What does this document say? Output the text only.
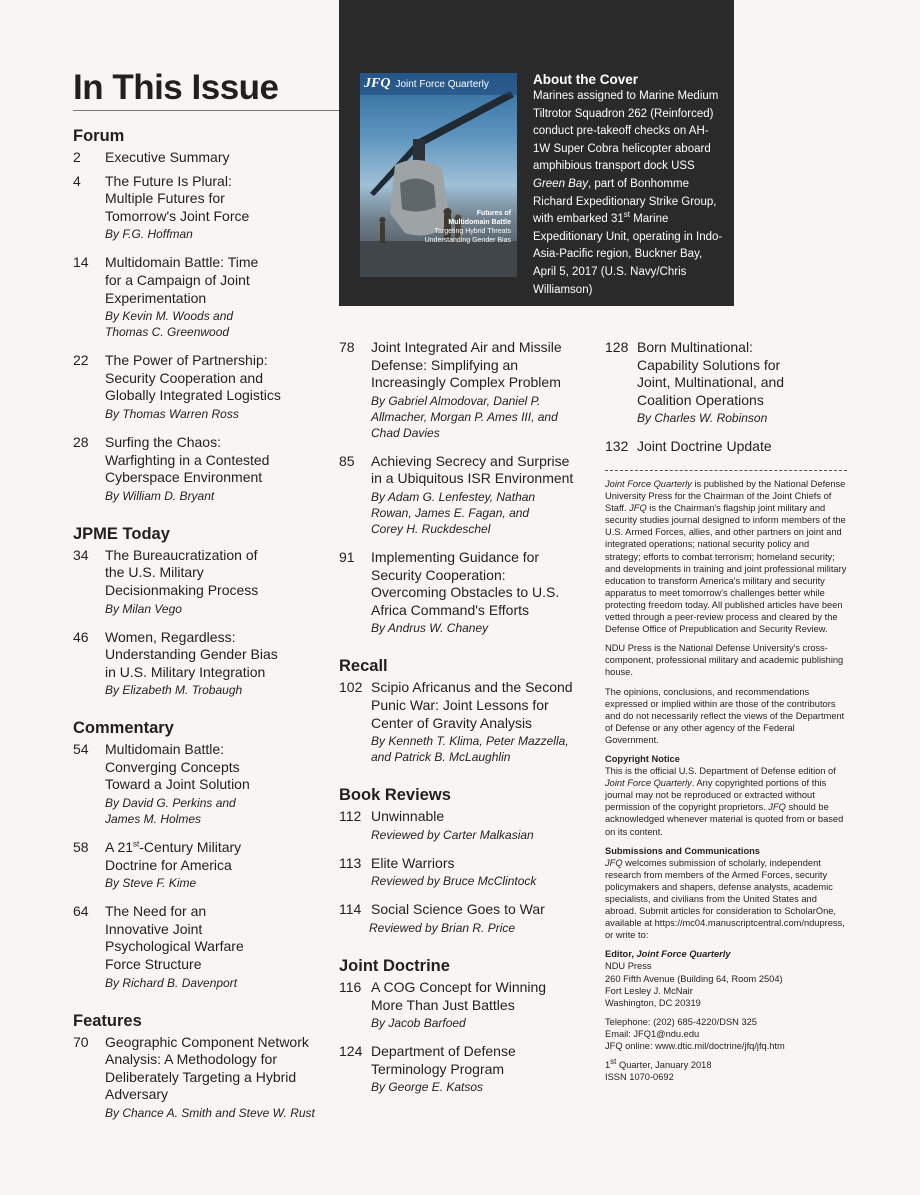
In This Issue	JFQ Joint Force Quarterly
Futures of
Multidomain Battle
Targeting Hybrid Threats
Understanding Gender Bias
About the Cover
Marines assigned to Marine Medium Tiltrotor Squadron 262 (Reinforced) conduct pre-takeoff checks on AH-1W Super Cobra helicopter aboard amphibious transport dock USS Green Bay, part of Bonhomme Richard Expeditionary Strike Group, with embarked 31st Marine Expeditionary Unit, operating in Indo-Asia-Pacific region, Buckner Bay, April 5, 2017 (U.S. Navy/Chris Williamson)
Forum
2	Executive Summary
4	The Future Is Plural: Multiple Futures for Tomorrow's Joint Force
By F.G. Hoffman
14	Multidomain Battle: Time for a Campaign of Joint Experimentation
By Kevin M. Woods and Thomas C. Greenwood
22	The Power of Partnership: Security Cooperation and Globally Integrated Logistics
By Thomas Warren Ross
28	Surfing the Chaos: Warfighting in a Contested Cyberspace Environment
By William D. Bryant
JPME Today
34	The Bureaucratization of the U.S. Military Decisionmaking Process
By Milan Vego
46	Women, Regardless: Understanding Gender Bias in U.S. Military Integration
By Elizabeth M. Trobaugh
Commentary
54	Multidomain Battle: Converging Concepts Toward a Joint Solution
By David G. Perkins and James M. Holmes
58	A 21st-Century Military Doctrine for America
By Steve F. Kime
64	The Need for an Innovative Joint Psychological Warfare Force Structure
By Richard B. Davenport
Features
70	Geographic Component Network Analysis: A Methodology for Deliberately Targeting a Hybrid Adversary
By Chance A. Smith and Steve W. Rust
78	Joint Integrated Air and Missile Defense: Simplifying an Increasingly Complex Problem
By Gabriel Almodovar, Daniel P. Allmacher, Morgan P. Ames III, and Chad Davies
85	Achieving Secrecy and Surprise in a Ubiquitous ISR Environment
By Adam G. Lenfestey, Nathan Rowan, James E. Fagan, and Corey H. Ruckdeschel
91	Implementing Guidance for Security Cooperation: Overcoming Obstacles to U.S. Africa Command's Efforts
By Andrus W. Chaney
Recall
102 Scipio Africanus and the Second Punic War: Joint Lessons for Center of Gravity Analysis
By Kenneth T. Klima, Peter Mazzella, and Patrick B. McLaughlin
Book Reviews
112 Unwinnable
Reviewed by Carter Malkasian
113 Elite Warriors
Reviewed by Bruce McClintock
114 Social Science Goes to War
Reviewed by Brian R. Price
Joint Doctrine
116 A COG Concept for Winning More Than Just Battles
By Jacob Barfoed
124 Department of Defense Terminology Program
By George E. Katsos
128 Born Multinational: Capability Solutions for Joint, Multinational, and Coalition Operations
By Charles W. Robinson
132 Joint Doctrine Update

Joint Force Quarterly is published by the National Defense University Press for the Chairman of the Joint Chiefs of Staff. JFQ is the Chairman's flagship joint military and security studies journal designed to inform members of the U.S. Armed Forces, allies, and other partners on joint and integrated operations; national security policy and strategy; efforts to combat terrorism; homeland security; and developments in training and joint professional military education to transform America's military and security apparatus to meet tomorrow's challenges better while protecting freedom today. All published articles have been vetted through a peer-review process and cleared by the Defense Office of Prepublication and Security Review.

NDU Press is the National Defense University's cross-component, professional military and academic publishing house.

The opinions, conclusions, and recommendations expressed or implied within are those of the contributors and do not necessarily reflect the views of the Department of Defense or any other agency of the Federal Government.

Copyright Notice

This is the official U.S. Department of Defense edition of Joint Force Quarterly. Any copyrighted portions of this journal may not be reproduced or extracted without permission of the copyright proprietors. JFQ should be acknowledged whenever material is quoted from or based on its content.

Submissions and Communications

JFQ welcomes submission of scholarly, independent research from members of the Armed Forces, security policymakers and shapers, defense analysts, academic specialists, and civilians from the United States and abroad. Submit articles for consideration to ScholarOne, available at https://mc04.manuscriptcentral.com/ndupress, or write to:

Editor, Joint Force Quarterly

NDU Press
260 Fifth Avenue (Building 64, Room 2504)
Fort Lesley J. McNair
Washington, DC 20319

Telephone: (202) 685-4220/DSN 325
Email: JFQ1@ndu.edu
JFQ online: www.dtic.mil/doctrine/jfq/jfq.htm

1st Quarter, January 2018
ISSN 1070-0692
